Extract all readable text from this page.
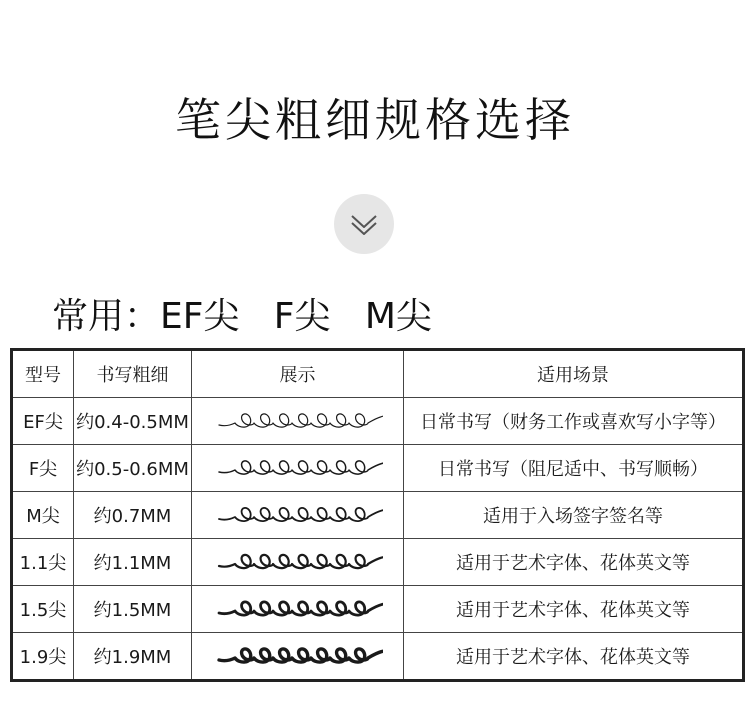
笔尖粗细规格选择
常用：EF尖   F尖   M尖
型号	书写粗细	展示	适用场景
EF尖	约0.4-0.5MM		日常书写（财务工作或喜欢写小字等）
F尖	约0.5-0.6MM		日常书写（阻尼适中、书写顺畅）
M尖	约0.7MM		适用于入场签字签名等
1.1尖	约1.1MM		适用于艺术字体、花体英文等
1.5尖	约1.5MM		适用于艺术字体、花体英文等
1.9尖	约1.9MM		适用于艺术字体、花体英文等
